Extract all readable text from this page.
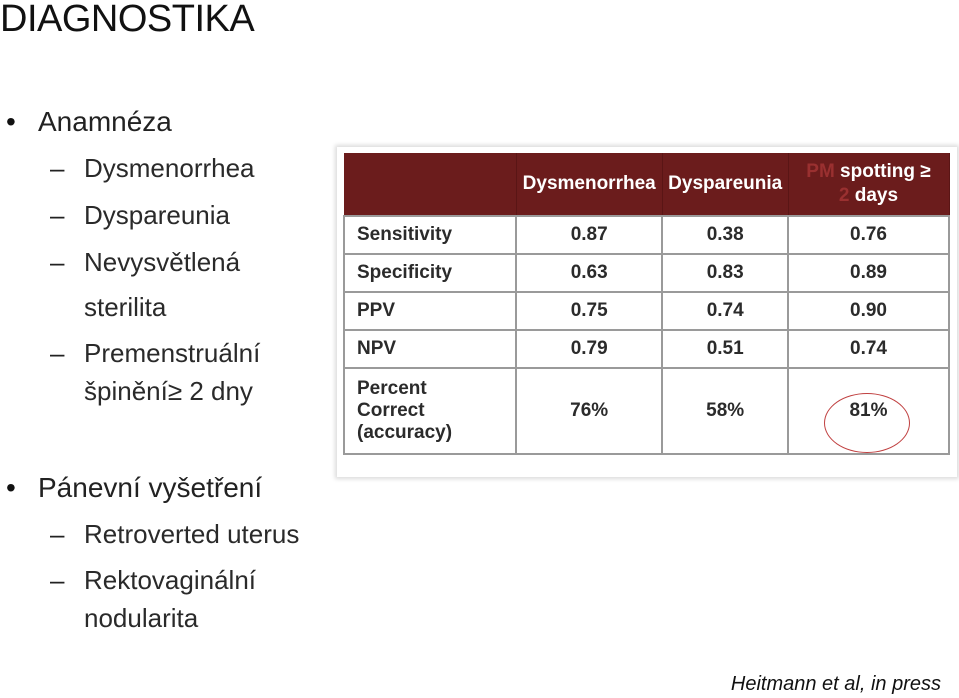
DIAGNOSTIKA
• Anamnéza
– Dysmenorrhea
– Dyspareunia
– Nevysvětlená
sterilita
– Premenstruální
špinění≥ 2 dny
• Pánevní vyšetření
– Retroverted uterus
– Rektovaginální
nodularita
	Dysmenorrhea	Dyspareunia	PM spotting ≥
2 days
Sensitivity	0.87	0.38	0.76
Specificity	0.63	0.83	0.89
PPV	0.75	0.74	0.90
NPV	0.79	0.51	0.74
Percent
Correct
(accuracy)	76%	58%	81%
Heitmann et al, in press
